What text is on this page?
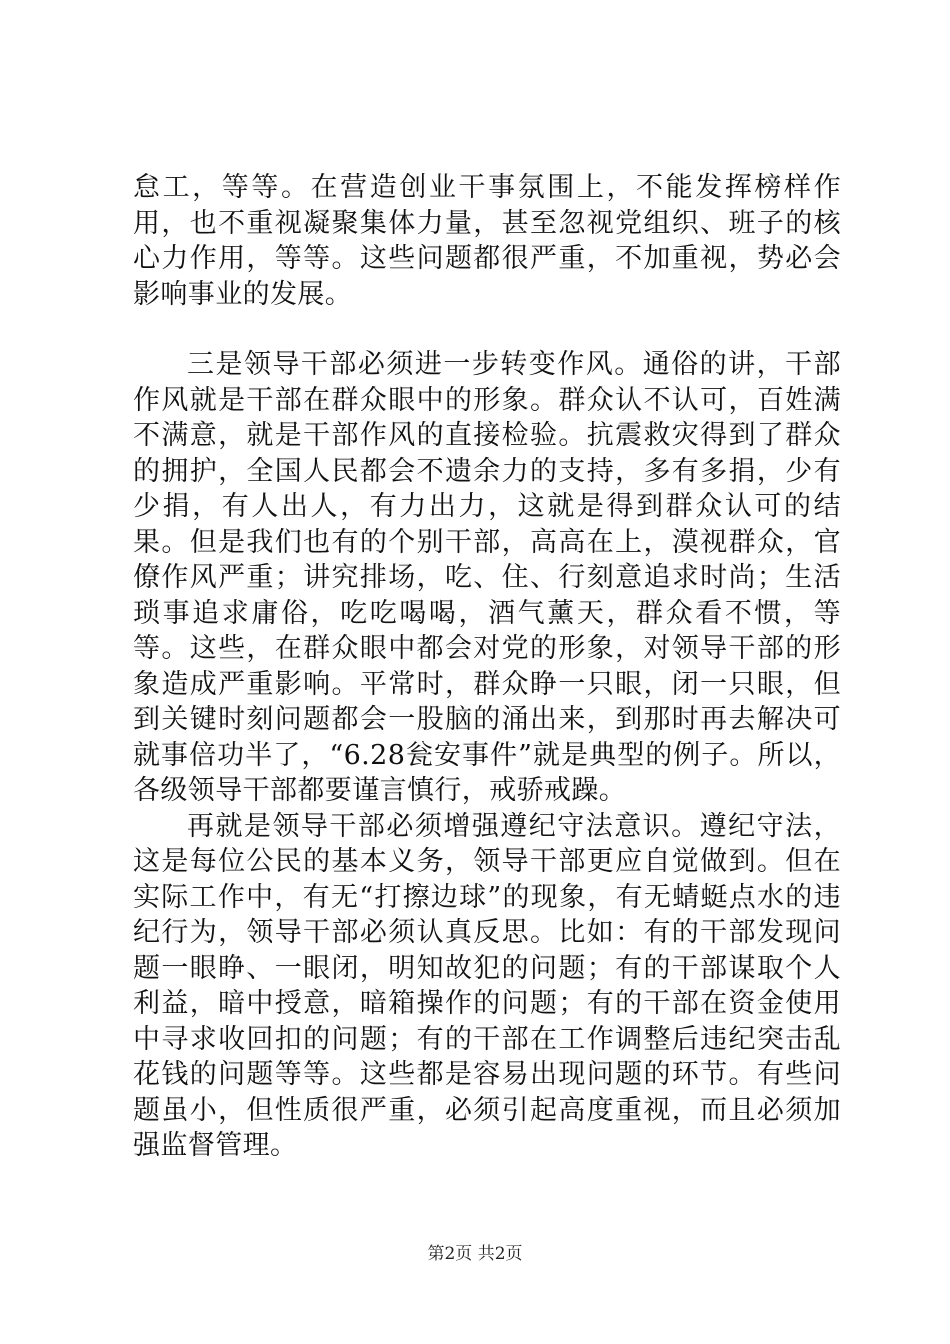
怠工，等等。在营造创业干事氛围上，不能发挥榜样作用，也不重视凝聚集体力量，甚至忽视党组织、班子的核心力作用，等等。这些问题都很严重，不加重视，势必会影响事业的发展。

三是领导干部必须进一步转变作风。通俗的讲，干部作风就是干部在群众眼中的形象。群众认不认可，百姓满不满意，就是干部作风的直接检验。抗震救灾得到了群众的拥护，全国人民都会不遗余力的支持，多有多捐，少有少捐，有人出人，有力出力，这就是得到群众认可的结果。但是我们也有的个别干部，高高在上，漠视群众，官僚作风严重；讲究排场，吃、住、行刻意追求时尚；生活琐事追求庸俗，吃吃喝喝，酒气薰天，群众看不惯，等等。这些，在群众眼中都会对党的形象，对领导干部的形象造成严重影响。平常时，群众睁一只眼，闭一只眼，但到关键时刻问题都会一股脑的涌出来，到那时再去解决可就事倍功半了，“6.28瓮安事件”就是典型的例子。所以，各级领导干部都要谨言慎行，戒骄戒躁。

再就是领导干部必须增强遵纪守法意识。遵纪守法，这是每位公民的基本义务，领导干部更应自觉做到。但在实际工作中，有无“打擦边球”的现象，有无蜻蜓点水的违纪行为，领导干部必须认真反思。比如：有的干部发现问题一眼睁、一眼闭，明知故犯的问题；有的干部谋取个人利益，暗中授意，暗箱操作的问题；有的干部在资金使用中寻求收回扣的问题；有的干部在工作调整后违纪突击乱花钱的问题等等。这些都是容易出现问题的环节。有些问题虽小，但性质很严重，必须引起高度重视，而且必须加强监督管理。

第2页 共2页
